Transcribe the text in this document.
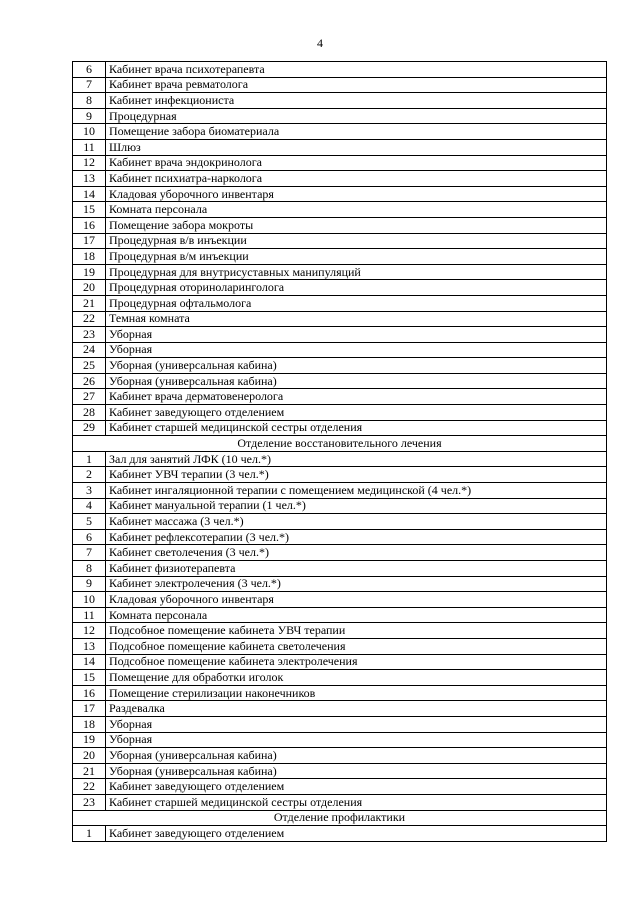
4
6	Кабинет врача психотерапевта
7	Кабинет врача ревматолога
8	Кабинет инфекциониста
9	Процедурная
10	Помещение забора биоматериала
11	Шлюз
12	Кабинет врача эндокринолога
13	Кабинет психиатра-нарколога
14	Кладовая уборочного инвентаря
15	Комната персонала
16	Помещение забора мокроты
17	Процедурная в/в инъекции
18	Процедурная в/м инъекции
19	Процедурная для внутрисуставных манипуляций
20	Процедурная оториноларинголога
21	Процедурная офтальмолога
22	Темная комната
23	Уборная
24	Уборная
25	Уборная (универсальная кабина)
26	Уборная (универсальная кабина)
27	Кабинет врача дерматовенеролога
28	Кабинет заведующего отделением
29	Кабинет старшей медицинской сестры отделения
Отделение восстановительного лечения	
1	Зал для занятий ЛФК (10 чел.*)
2	Кабинет УВЧ терапии (3 чел.*)
3	Кабинет ингаляционной терапии с помещением медицинской (4 чел.*)
4	Кабинет мануальной терапии (1 чел.*)
5	Кабинет массажа (3 чел.*)
6	Кабинет рефлексотерапии (3 чел.*)
7	Кабинет светолечения (3 чел.*)
8	Кабинет физиотерапевта
9	Кабинет электролечения (3 чел.*)
10	Кладовая уборочного инвентаря
11	Комната персонала
12	Подсобное помещение кабинета УВЧ терапии
13	Подсобное помещение кабинета светолечения
14	Подсобное помещение кабинета электролечения
15	Помещение для обработки иголок
16	Помещение стерилизации наконечников
17	Раздевалка
18	Уборная
19	Уборная
20	Уборная (универсальная кабина)
21	Уборная (универсальная кабина)
22	Кабинет заведующего отделением
23	Кабинет старшей медицинской сестры отделения
Отделение профилактики	
1	Кабинет заведующего отделением
